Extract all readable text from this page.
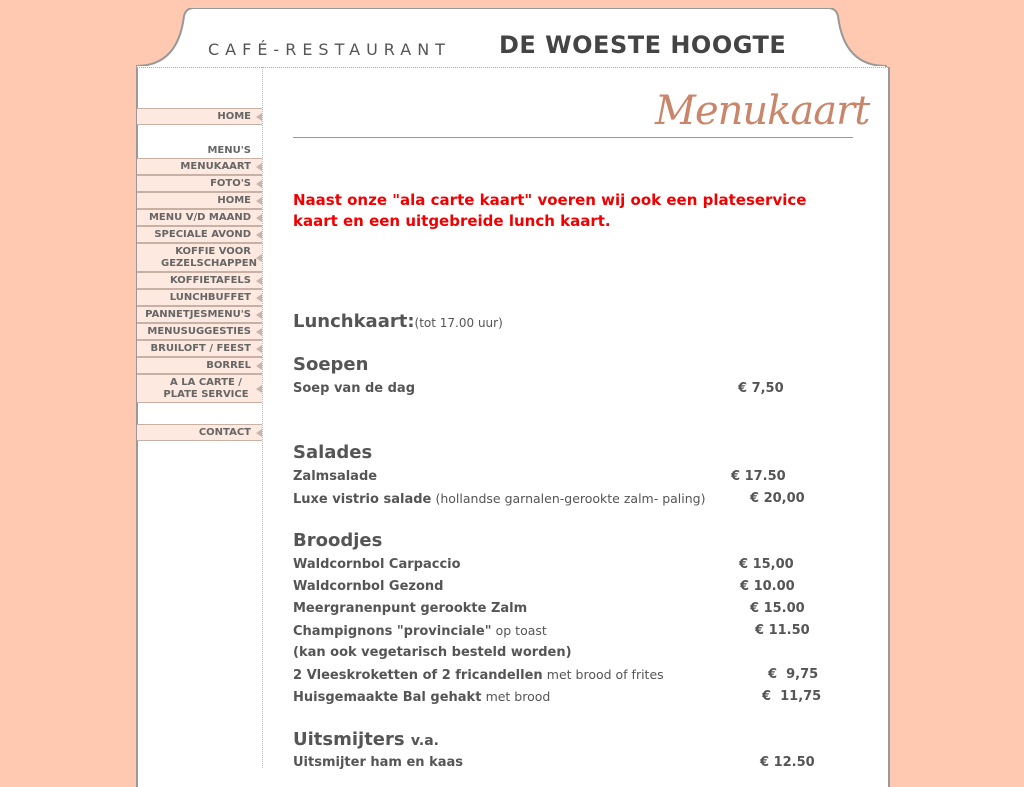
CAFÉ-RESTAURANT DE WOESTE HOOGTE
HOME
MENU'S
MENUKAART
FOTO'S
HOME
MENU V/D MAAND
SPECIALE AVOND
KOFFIE VOOR GEZELSCHAPPEN
KOFFIETAFELS
LUNCHBUFFET
PANNETJESMENU'S
MENUSUGGESTIES
BRUILOFT / FEEST
BORREL
A LA CARTE / PLATE SERVICE
CONTACT
Menukaart
Naast onze "ala carte kaart" voeren wij ook een plateservice kaart en een uitgebreide lunch kaart.
Lunchkaart:(tot 17.00 uur)
Soepen
Soep van de dag	€ 7,50
Salades
Zalmsalade	€ 17.50
Luxe vistrio salade (hollandse garnalen-gerookte zalm- paling)	€ 20,00
Broodjes
Waldcornbol Carpaccio	€ 15,00
Waldcornbol Gezond	€ 10.00
Meergranenpunt gerookte Zalm	€ 15.00
Champignons "provinciale" op toast	€ 11.50
(kan ook vegetarisch besteld worden)
2 Vleeskroketten of 2 fricandellen met brood of frites	€  9,75
Huisgemaakte Bal gehakt met brood	€  11,75
Uitsmijters v.a.
Uitsmijter ham en kaas	€ 12.50
